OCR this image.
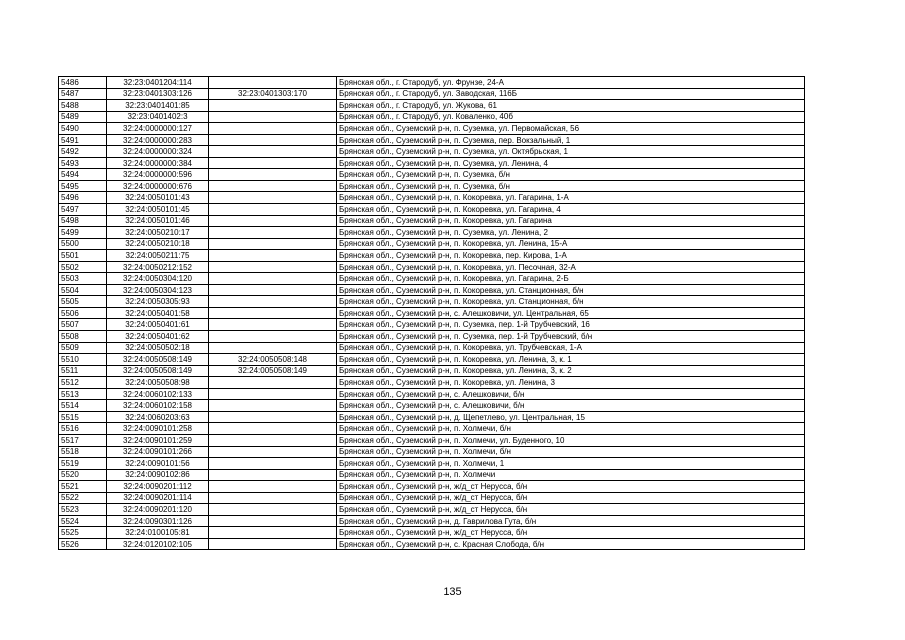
5486	32:23:0401204:114		Брянская обл., г. Стародуб, ул. Фрунзе, 24-А
5487	32:23:0401303:126	32:23:0401303:170	Брянская обл., г. Стародуб, ул. Заводская, 116Б
5488	32:23:0401401:85		Брянская обл., г. Стародуб, ул. Жукова, 61
5489	32:23:0401402:3		Брянская обл., г. Стародуб, ул. Коваленко, 40б
5490	32:24:0000000:127		Брянская обл., Суземский р-н, п. Суземка, ул. Первомайская, 56
5491	32:24:0000000:283		Брянская обл., Суземский р-н, п. Суземка, пер. Вокзальный, 1
5492	32:24:0000000:324		Брянская обл., Суземский р-н, п. Суземка, ул. Октябрьская, 1
5493	32:24:0000000:384		Брянская обл., Суземский р-н, п. Суземка, ул. Ленина, 4
5494	32:24:0000000:596		Брянская обл., Суземский р-н, п. Суземка, б/н
5495	32:24:0000000:676		Брянская обл., Суземский р-н, п. Суземка, б/н
5496	32:24:0050101:43		Брянская обл., Суземский р-н, п. Кокоревка, ул. Гагарина, 1-А
5497	32:24:0050101:45		Брянская обл., Суземский р-н, п. Кокоревка, ул. Гагарина, 4
5498	32:24:0050101:46		Брянская обл., Суземский р-н, п. Кокоревка, ул. Гагарина
5499	32:24:0050210:17		Брянская обл., Суземский р-н, п. Суземка, ул. Ленина, 2
5500	32:24:0050210:18		Брянская обл., Суземский р-н, п. Кокоревка, ул. Ленина, 15-А
5501	32:24:0050211:75		Брянская обл., Суземский р-н, п. Кокоревка, пер. Кирова, 1-А
5502	32:24:0050212:152		Брянская обл., Суземский р-н, п. Кокоревка, ул. Песочная, 32-А
5503	32:24:0050304:120		Брянская обл., Суземский р-н, п. Кокоревка, ул. Гагарина, 2-Б
5504	32:24:0050304:123		Брянская обл., Суземский р-н, п. Кокоревка, ул. Станционная, б/н
5505	32:24:0050305:93		Брянская обл., Суземский р-н, п. Кокоревка, ул. Станционная, б/н
5506	32:24:0050401:58		Брянская обл., Суземский р-н, с. Алешковичи, ул. Центральная, 65
5507	32:24:0050401:61		Брянская обл., Суземский р-н, п. Суземка, пер. 1-й Трубчевский, 16
5508	32:24:0050401:62		Брянская обл., Суземский р-н, п. Суземка, пер. 1-й Трубчевский, б/н
5509	32:24:0050502:18		Брянская обл., Суземский р-н, п. Кокоревка, ул. Трубчевская, 1-А
5510	32:24:0050508:149	32:24:0050508:148	Брянская обл., Суземский р-н, п. Кокоревка, ул. Ленина, 3, к. 1
5511	32:24:0050508:149	32:24:0050508:149	Брянская обл., Суземский р-н, п. Кокоревка, ул. Ленина, 3, к. 2
5512	32:24:0050508:98		Брянская обл., Суземский р-н, п. Кокоревка, ул. Ленина, 3
5513	32:24:0060102:133		Брянская обл., Суземский р-н, с. Алешковичи, б/н
5514	32:24:0060102:158		Брянская обл., Суземский р-н, с. Алешковичи, б/н
5515	32:24:0060203:63		Брянская обл., Суземский р-н, д. Щепетлево, ул. Центральная, 15
5516	32:24:0090101:258		Брянская обл., Суземский р-н, п. Холмечи, б/н
5517	32:24:0090101:259		Брянская обл., Суземский р-н, п. Холмечи, ул. Буденного, 10
5518	32:24:0090101:266		Брянская обл., Суземский р-н, п. Холмечи, б/н
5519	32:24:0090101:56		Брянская обл., Суземский р-н, п. Холмечи, 1
5520	32:24:0090102:86		Брянская обл., Суземский р-н, п. Холмечи
5521	32:24:0090201:112		Брянская обл., Суземский р-н, ж/д_ст Нерусса, б/н
5522	32:24:0090201:114		Брянская обл., Суземский р-н, ж/д_ст Нерусса, б/н
5523	32:24:0090201:120		Брянская обл., Суземский р-н, ж/д_ст Нерусса, б/н
5524	32:24:0090301:126		Брянская обл., Суземский р-н, д. Гаврилова Гута, б/н
5525	32:24:0100105:81		Брянская обл., Суземский р-н, ж/д_ст Нерусса, б/н
5526	32:24:0120102:105		Брянская обл., Суземский р-н, с. Красная Слобода, б/н
135
